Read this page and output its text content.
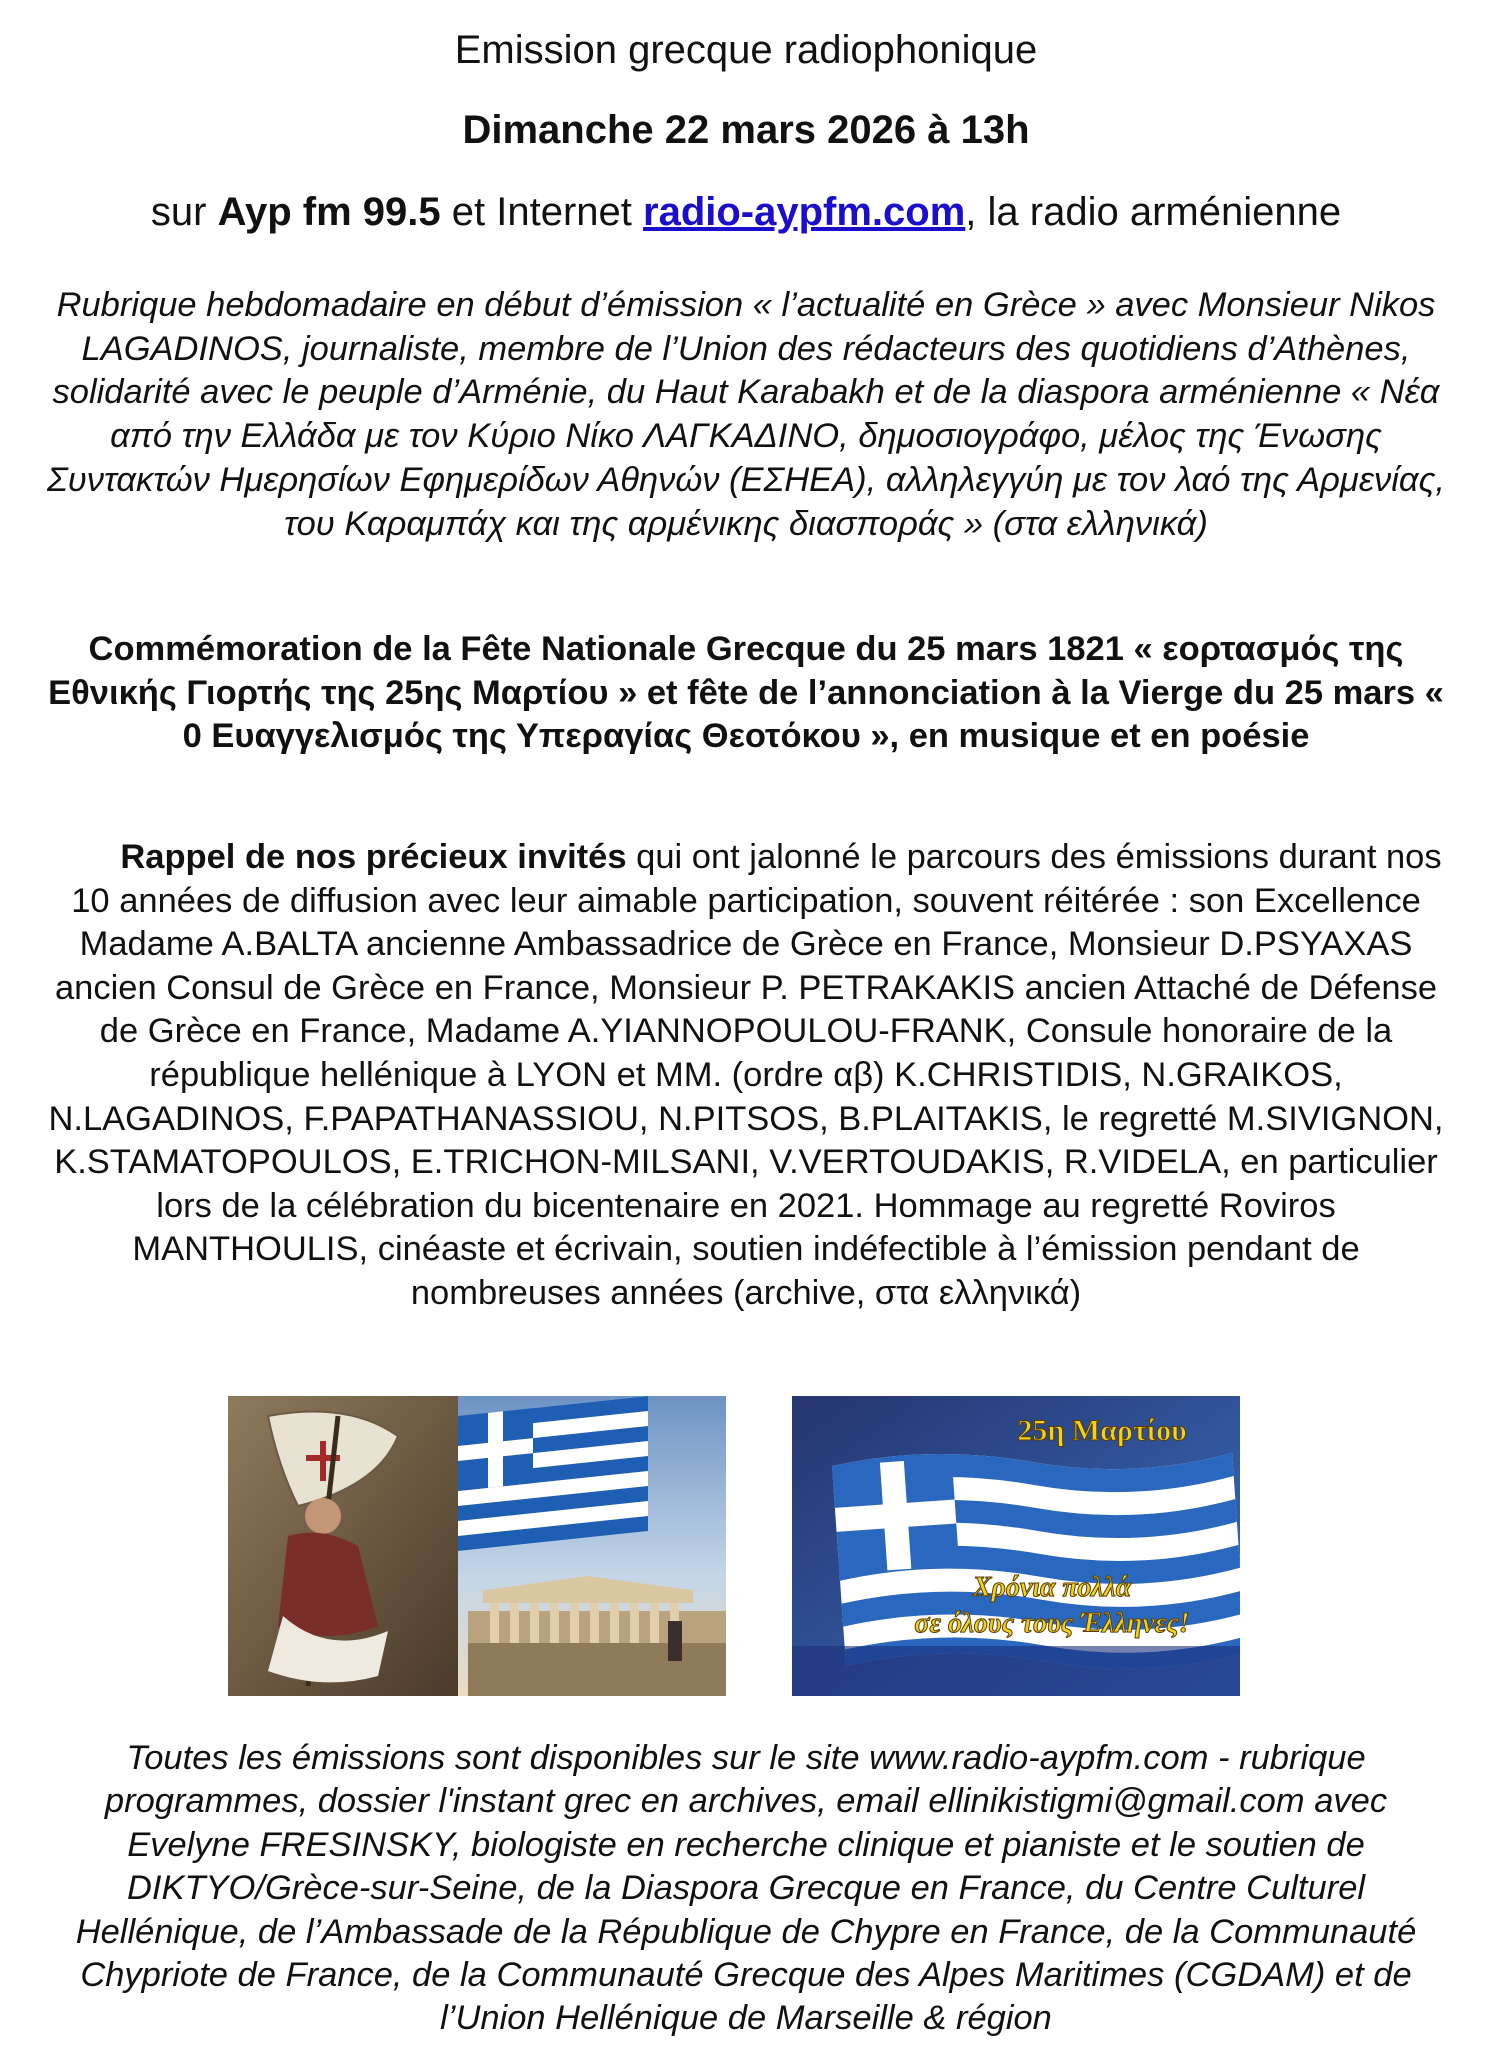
Emission grecque radiophonique
Dimanche 22 mars 2026 à 13h
sur Ayp fm 99.5 et Internet radio-aypfm.com, la radio arménienne
Rubrique hebdomadaire en début d’émission « l’actualité en Grèce » avec Monsieur Nikos LAGADINOS, journaliste, membre de l’Union des rédacteurs des quotidiens d’Athènes, solidarité avec le peuple d’Arménie, du Haut Karabakh et de la diaspora arménienne « Νέα από την Ελλάδα με τον Κύριο Νίκο ΛΑΓΚΑΔΙΝΟ, δημοσιογράφο, μέλος της Ένωσης Συντακτών Ημερησίων Εφημερίδων Αθηνών (ΕΣΗΕΑ), αλληλεγγύη με τον λαό της Αρμενίας, του Καραμπάχ και της αρμένικης διασποράς » (στα ελληνικά)
Commémoration de la Fête Nationale Grecque du 25 mars 1821 « εορτασμός της Εθνικής Γιορτής της 25ης Μαρτίου » et fête de l’annonciation à la Vierge du 25 mars « 0 Ευαγγελισμός της Υπεραγίας Θεοτόκου », en musique et en poésie
Rappel de nos précieux invités qui ont jalonné le parcours des émissions durant nos 10 années de diffusion avec leur aimable participation, souvent réitérée : son Excellence Madame A.BALTA ancienne Ambassadrice de Grèce en France, Monsieur D.PSYAXAS ancien Consul de Grèce en France, Monsieur P. PETRAKAKIS ancien Attaché de Défense de Grèce en France, Madame A.YIANNOPOULOU-FRANK, Consule honoraire de la république hellénique à LYON et MM. (ordre αβ) K.CHRISTIDIS, N.GRAIKOS, N.LAGADINOS, F.PAPATHANASSIOU, N.PITSOS, B.PLAITAKIS, le regretté M.SIVIGNON, K.STAMATOPOULOS, E.TRICHON-MILSANI, V.VERTOUDAKIS, R.VIDELA, en particulier lors de la célébration du bicentenaire en 2021. Hommage au regretté Roviros MANTHOULIS, cinéaste et écrivain, soutien indéfectible à l’émission pendant de nombreuses années (archive, στα ελληνικά)
25η Μαρτίου
Χρόνια πολλά
σε όλους τους Έλληνες!
Toutes les émissions sont disponibles sur le site www.radio-aypfm.com - rubrique programmes, dossier l'instant grec en archives, email ellinikistigmi@gmail.com avec Evelyne FRESINSKY, biologiste en recherche clinique et pianiste et le soutien de DIKTYO/Grèce-sur-Seine, de la Diaspora Grecque en France, du Centre Culturel Hellénique, de l’Ambassade de la République de Chypre en France, de la Communauté Chypriote de France, de la Communauté Grecque des Alpes Maritimes (CGDAM) et de l’Union Hellénique de Marseille & région
